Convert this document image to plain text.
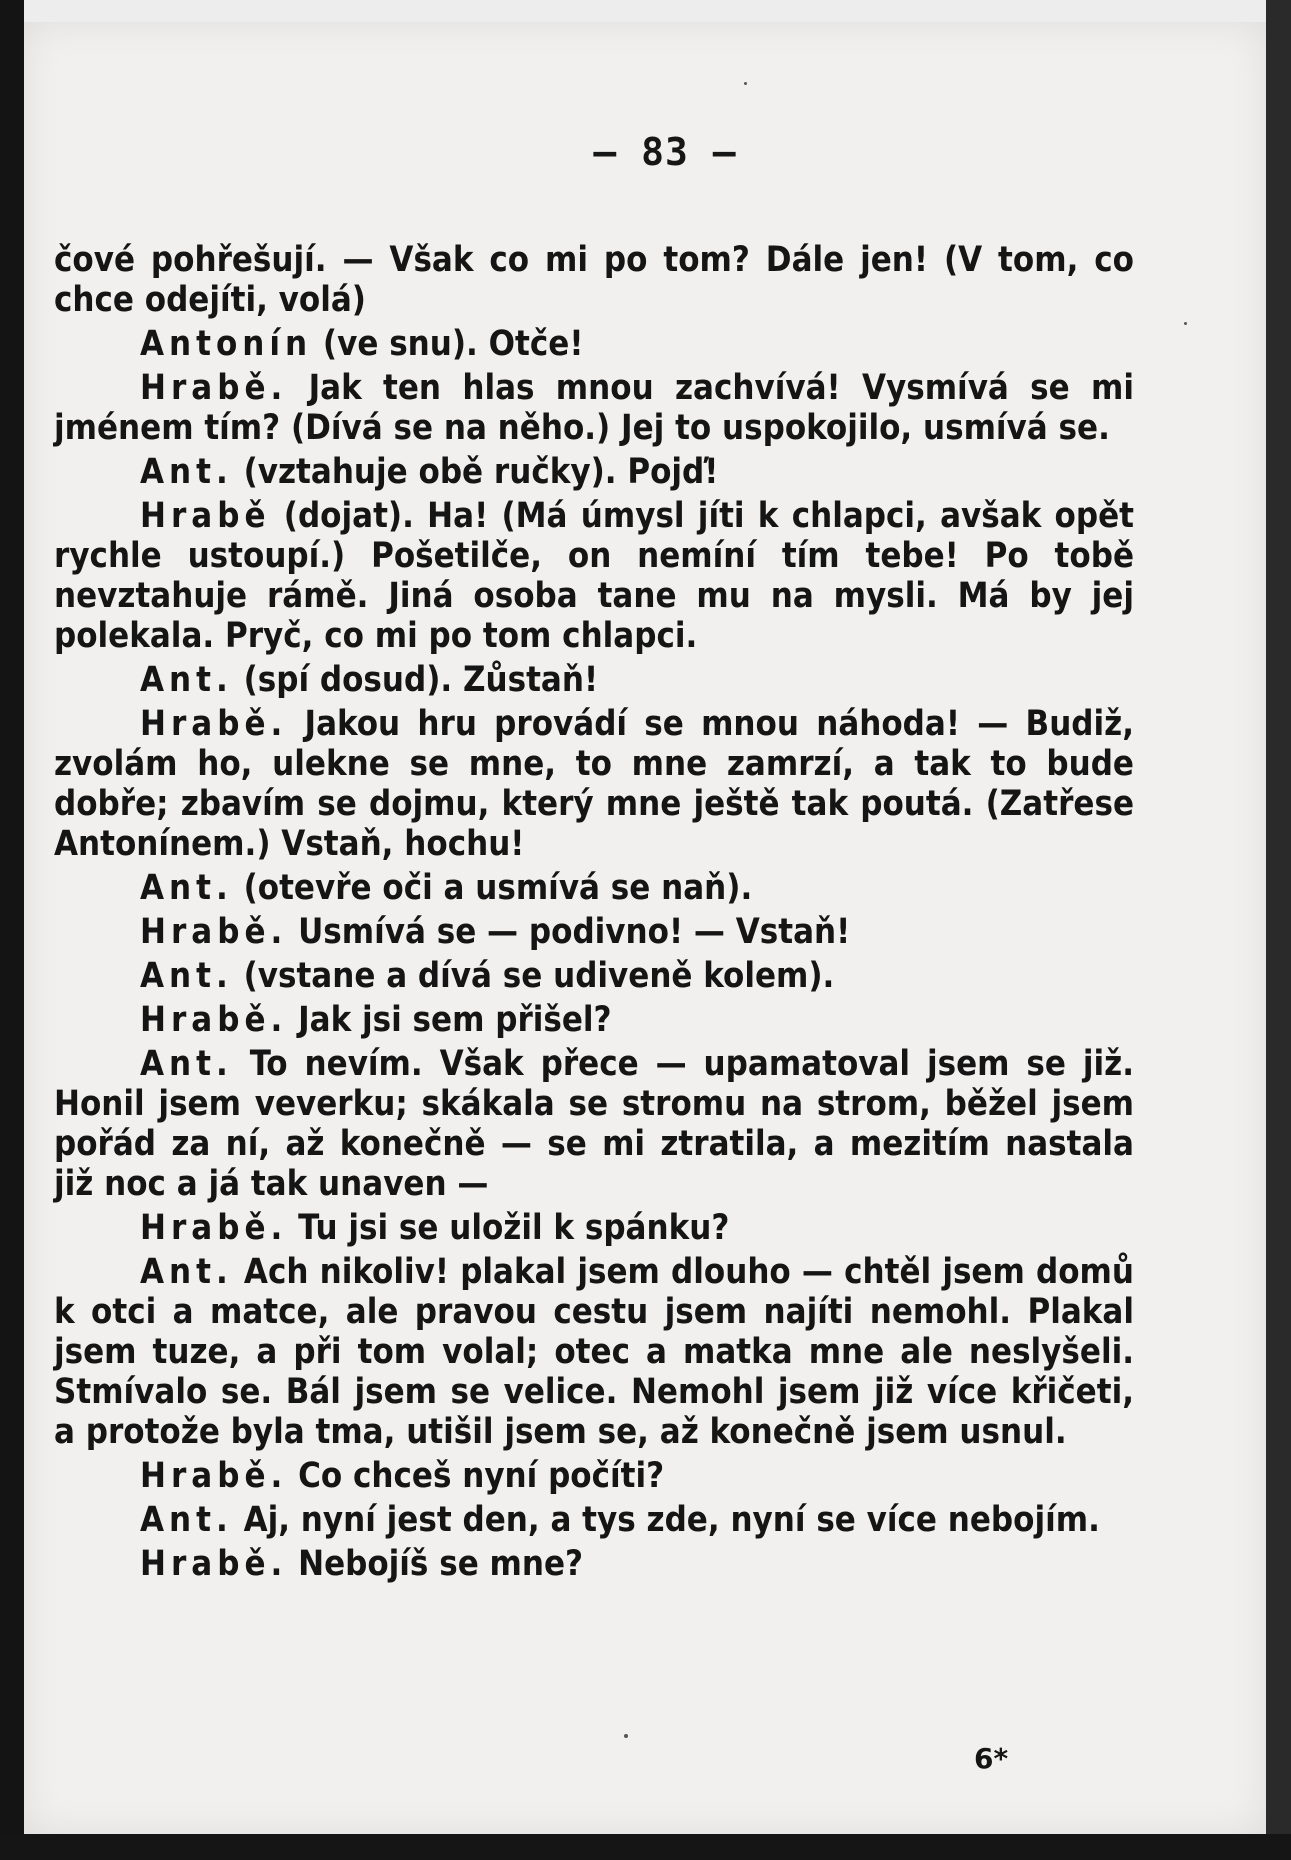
— 83 —

čové pohřešují. — Však co mi po tom? Dále jen! (V tom, co chce odejíti, volá)

Antonín (ve snu). Otče!

Hrabě. Jak ten hlas mnou zachvívá! Vysmívá se mi jménem tím? (Dívá se na něho.) Jej to uspokojilo, usmívá se.

Ant. (vztahuje obě ručky). Pojď!

Hrabě (dojat). Ha! (Má úmysl jíti k chlapci, avšak opět rychle ustoupí.) Pošetilče, on nemíní tím tebe! Po tobě nevztahuje rámě. Jiná osoba tane mu na mysli. Má by jej polekala. Pryč, co mi po tom chlapci.

Ant. (spí dosud). Zůstaň!

Hrabě. Jakou hru provádí se mnou náhoda! — Budiž, zvolám ho, ulekne se mne, to mne zamrzí, a tak to bude dobře; zbavím se dojmu, který mne ještě tak poutá. (Zatřese Antonínem.) Vstaň, hochu!

Ant. (otevře oči a usmívá se naň).

Hrabě. Usmívá se — podivno! — Vstaň!

Ant. (vstane a dívá se udiveně kolem).

Hrabě. Jak jsi sem přišel?

Ant. To nevím. Však přece — upamatoval jsem se již. Honil jsem veverku; skákala se stromu na strom, běžel jsem pořád za ní, až konečně — se mi ztratila, a mezitím nastala již noc a já tak unaven —

Hrabě. Tu jsi se uložil k spánku?

Ant. Ach nikoliv! plakal jsem dlouho — chtěl jsem domů k otci a matce, ale pravou cestu jsem najíti nemohl. Plakal jsem tuze, a při tom volal; otec a matka mne ale neslyšeli. Stmívalo se. Bál jsem se velice. Nemohl jsem již více křičeti, a protože byla tma, utišil jsem se, až konečně jsem usnul.

Hrabě. Co chceš nyní počíti?

Ant. Aj, nyní jest den, a tys zde, nyní se více nebojím.

Hrabě. Nebojíš se mne?

6*
